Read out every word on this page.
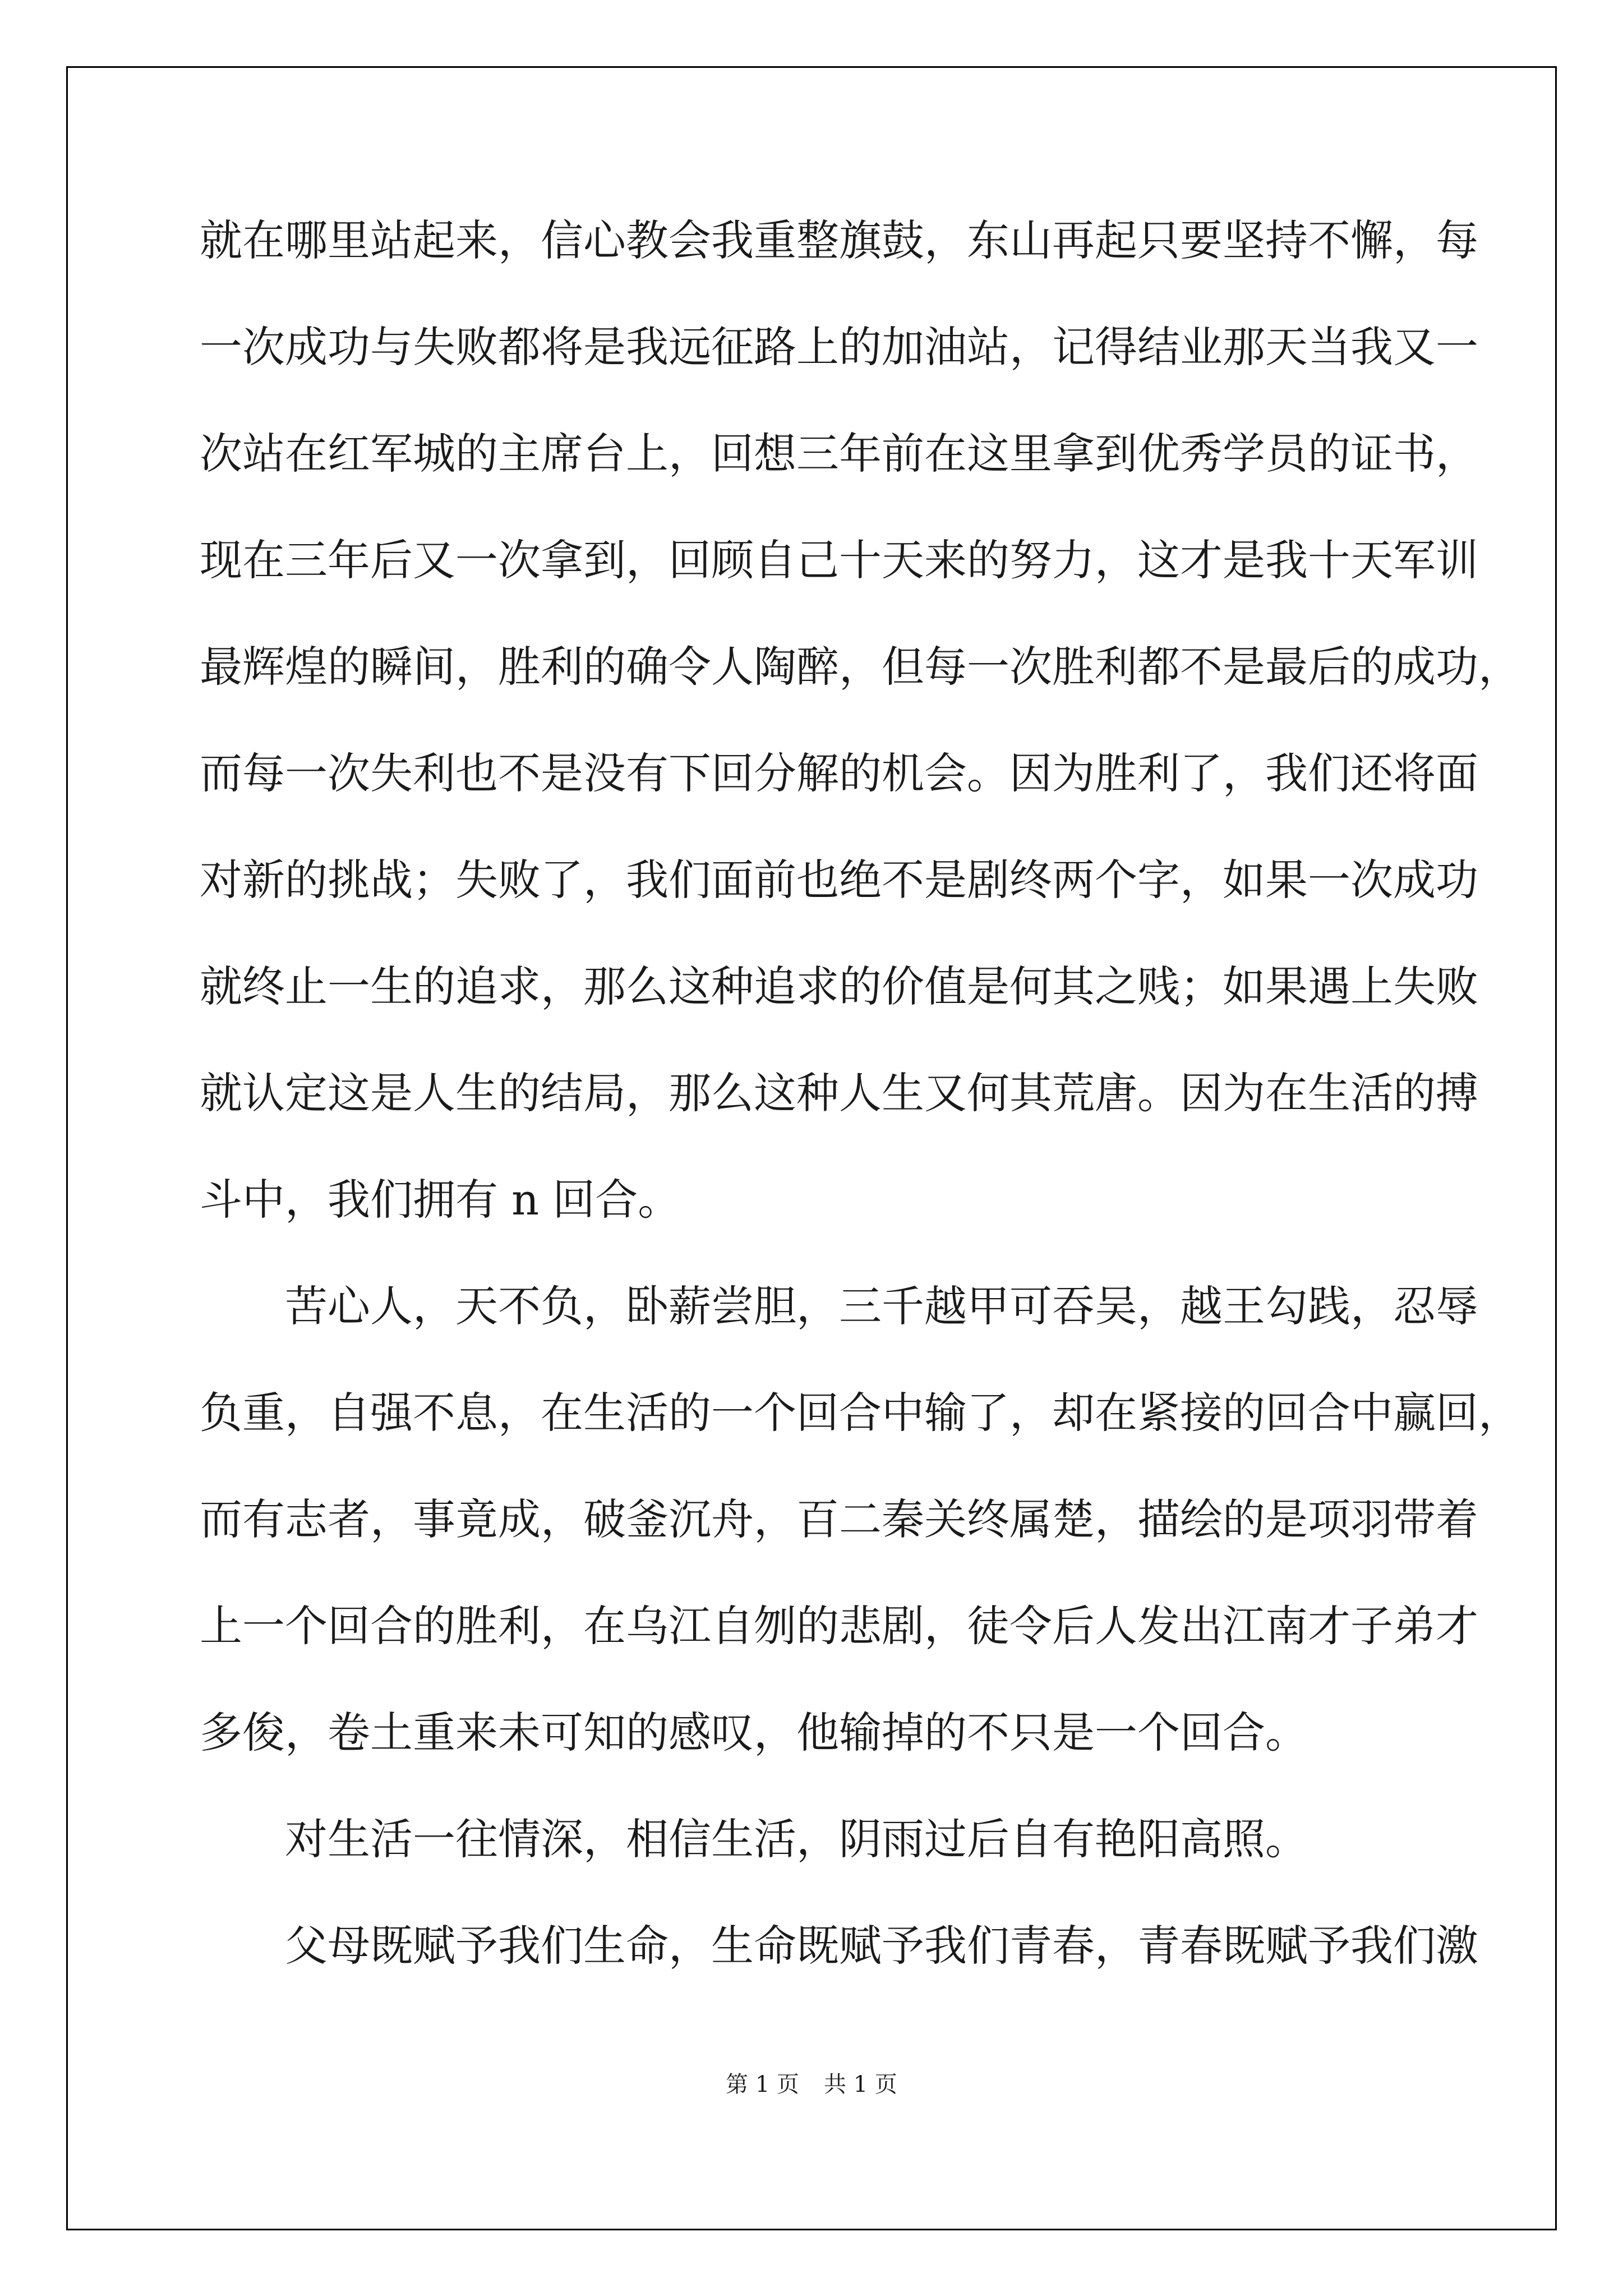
就在哪里站起来，信心教会我重整旗鼓，东山再起只要坚持不懈，每
一次成功与失败都将是我远征路上的加油站，记得结业那天当我又一
次站在红军城的主席台上，回想三年前在这里拿到优秀学员的证书，
现在三年后又一次拿到，回顾自己十天来的努力，这才是我十天军训
最辉煌的瞬间，胜利的确令人陶醉，但每一次胜利都不是最后的成功，
而每一次失利也不是没有下回分解的机会。因为胜利了，我们还将面
对新的挑战；失败了，我们面前也绝不是剧终两个字，如果一次成功
就终止一生的追求，那么这种追求的价值是何其之贱；如果遇上失败
就认定这是人生的结局，那么这种人生又何其荒唐。因为在生活的搏
斗中，我们拥有 n 回合。
苦心人，天不负，卧薪尝胆，三千越甲可吞吴，越王勾践，忍辱
负重，自强不息，在生活的一个回合中输了，却在紧接的回合中赢回，
而有志者，事竟成，破釜沉舟，百二秦关终属楚，描绘的是项羽带着
上一个回合的胜利，在乌江自刎的悲剧，徒令后人发出江南才子弟才
多俊，卷土重来未可知的感叹，他输掉的不只是一个回合。
对生活一往情深，相信生活，阴雨过后自有艳阳高照。
父母既赋予我们生命，生命既赋予我们青春，青春既赋予我们激
第 1 页 共 1 页
